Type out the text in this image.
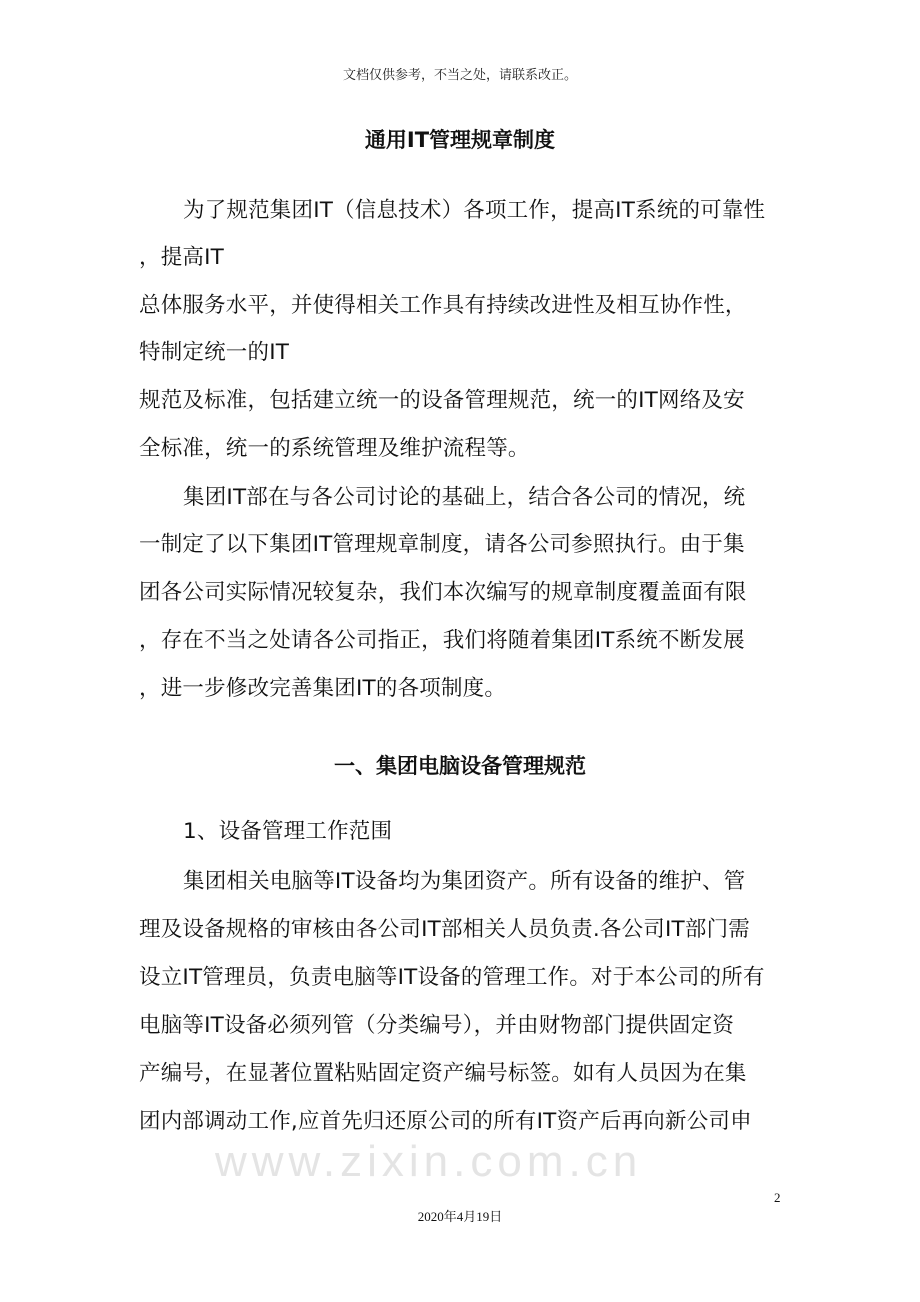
文档仅供参考，不当之处，请联系改正。
通用IT管理规章制度
为了规范集团IT（信息技术）各项工作，提高IT系统的可靠性
，提高IT
总体服务水平，并使得相关工作具有持续改进性及相互协作性，
特制定统一的IT
规范及标准，包括建立统一的设备管理规范，统一的IT网络及安
全标准，统一的系统管理及维护流程等。
集团IT部在与各公司讨论的基础上，结合各公司的情况，统
一制定了以下集团IT管理规章制度，请各公司参照执行。由于集
团各公司实际情况较复杂，我们本次编写的规章制度覆盖面有限
，存在不当之处请各公司指正，我们将随着集团IT系统不断发展
，进一步修改完善集团IT的各项制度。
一、集团电脑设备管理规范
1、设备管理工作范围
集团相关电脑等IT设备均为集团资产。所有设备的维护、管
理及设备规格的审核由各公司IT部相关人员负责.各公司IT部门需
设立IT管理员，负责电脑等IT设备的管理工作。对于本公司的所有
电脑等IT设备必须列管（分类编号），并由财物部门提供固定资
产编号，在显著位置粘贴固定资产编号标签。如有人员因为在集
团内部调动工作,应首先归还原公司的所有IT资产后再向新公司申
www.zixin.com.cn
2
2020年4月19日
